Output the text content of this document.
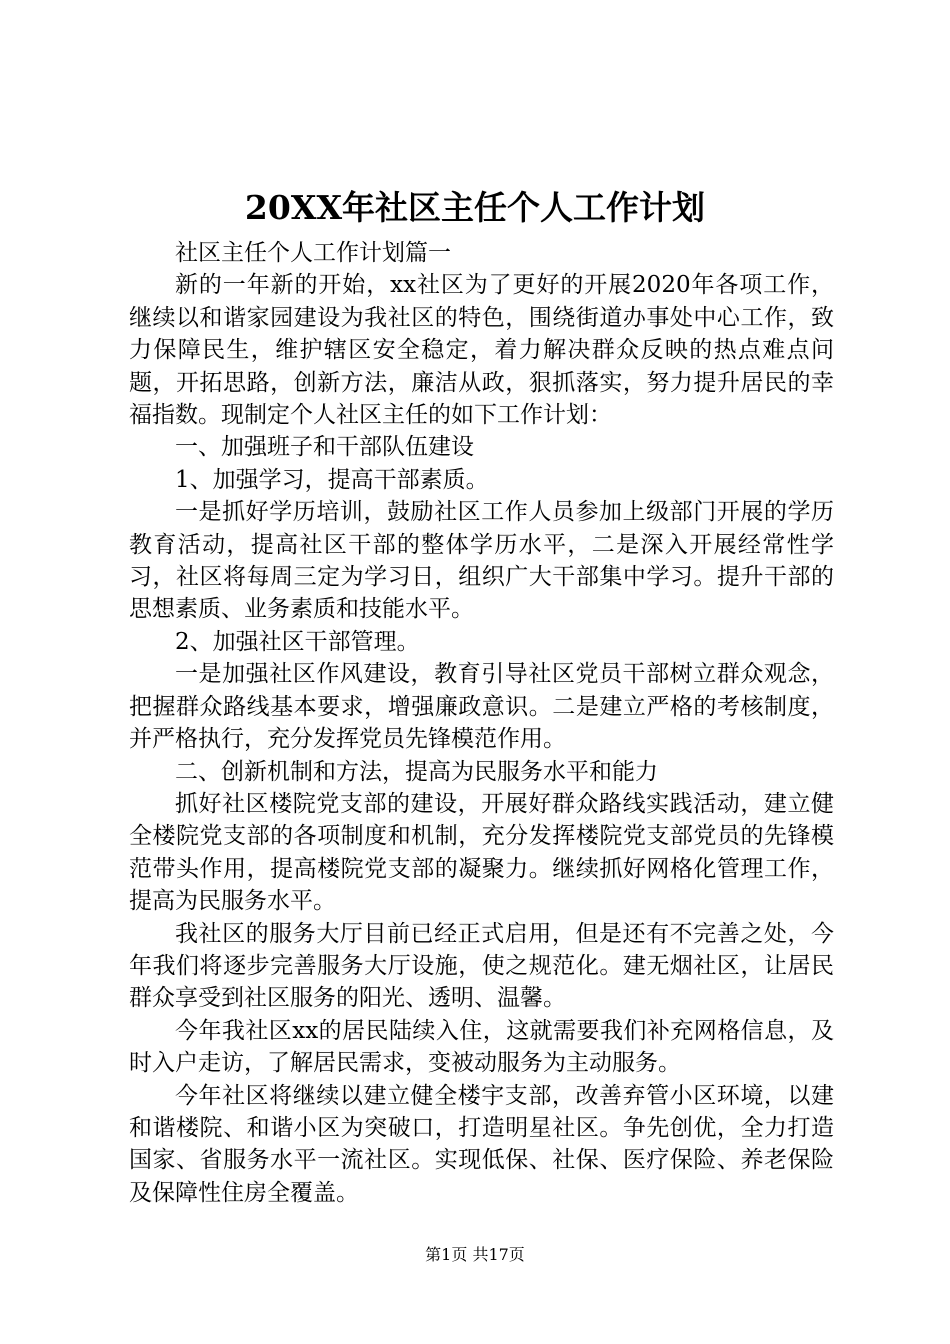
20XX年社区主任个人工作计划

社区主任个人工作计划篇一

新的一年新的开始，xx社区为了更好的开展2020年各项工作，继续以和谐家园建设为我社区的特色，围绕街道办事处中心工作，致力保障民生，维护辖区安全稳定，着力解决群众反映的热点难点问题，开拓思路，创新方法，廉洁从政，狠抓落实，努力提升居民的幸福指数。现制定个人社区主任的如下工作计划：

一、加强班子和干部队伍建设

1、加强学习，提高干部素质。

一是抓好学历培训，鼓励社区工作人员参加上级部门开展的学历教育活动，提高社区干部的整体学历水平，二是深入开展经常性学习，社区将每周三定为学习日，组织广大干部集中学习。提升干部的思想素质、业务素质和技能水平。

2、加强社区干部管理。

一是加强社区作风建设，教育引导社区党员干部树立群众观念，把握群众路线基本要求，增强廉政意识。二是建立严格的考核制度，并严格执行，充分发挥党员先锋模范作用。

二、创新机制和方法，提高为民服务水平和能力

抓好社区楼院党支部的建设，开展好群众路线实践活动，建立健全楼院党支部的各项制度和机制，充分发挥楼院党支部党员的先锋模范带头作用，提高楼院党支部的凝聚力。继续抓好网格化管理工作，提高为民服务水平。

我社区的服务大厅目前已经正式启用，但是还有不完善之处，今年我们将逐步完善服务大厅设施，使之规范化。建无烟社区，让居民群众享受到社区服务的阳光、透明、温馨。

今年我社区xx的居民陆续入住，这就需要我们补充网格信息，及时入户走访，了解居民需求，变被动服务为主动服务。

今年社区将继续以建立健全楼宇支部，改善弃管小区环境，以建和谐楼院、和谐小区为突破口，打造明星社区。争先创优，全力打造国家、省服务水平一流社区。实现低保、社保、医疗保险、养老保险及保障性住房全覆盖。

第1页 共17页
